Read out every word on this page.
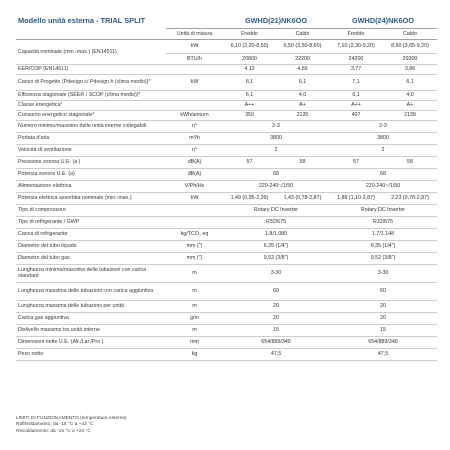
Modello unità esterna - TRIAL SPLIT		GWHD(21)NK6OO		GWHD(24)NK6OO	
	Unità di misura	Freddo	Caldo	Freddo	Caldo
Capacità nominale (min.-max.) (EN14511)	kW	6,10 (2,20-8,50)	6,50 (3,50-8,60)	7,10 (2,30-9,20)	8,60 (3,65-9,20)
	BTU/h	20800	22200	24200	29300
EER/COP (EN14511)		4,12	4,56	3,77	3,86
Carico di Progetto (Pdesign c/ Pdesign h (clima medio))*	kW	6,1	6,1	7,1	6,1
Efficienza stagionale (SEER / SCOP (clima medio))*		6,1	4,0	6,1	4,0
Classe energetica*		A++	A+	A++	A+
Consumo energetico stagionale*	kWh/annum	350	2135	407	2139
Numero minimo/massimo delle unità interne collegabili	n°	2-3		2-3	
Portata d'aria	m³/h	3800		3800	
Velocità di ventilazione	n°	2		2	
Pressione sonora U.E. (a )	dB(A)	57	58	57	58
Potenza sonora U.E. (a)	dB(A)	68		68	
Alimentazione elettrica	V/Ph/Hz	220-240~/1/50		220-240~/1/50	
Potenza elettrica assorbita nominale (min.-max.)	kW	1,49 (0,95-2,39)	1,43 (0,78-2,87)	1,88 (1,10-2,87)	2,23 (0,78-2,87)
Tipo di compressore		Rotary DC Inverter		Rotary DC Inverter	
Tipo di refrigerante / GWP		R32/675		R32/675	
Carica di refrigerante	kg/TCO₂ eq	1.8/1.080		1.7/1.148	
Diametro del tubo liquido	mm (")	6,35 (1/4")		6,35 (1/4")	
Diametro del tubo gas	mm (")	9,52 (3/8")		9,52 (3/8")	
Lunghezza minima/massima delle tubazioni con carica standard	m	3-30		3-30	
Lunghezza massima delle tubazioni con carica aggiuntiva	m	60		60	
Lunghezza massima delle tubazioni per unità	m	20		20	
Carica gas aggiuntiva	g/m	20		20	
Dislivello massimo tra unità interne	m	15		15	
Dimensioni nette U.E. (Alt./Lar./Pro.)	mm	654/889/340		654/889/340	
Peso netto	kg	47,5		47,5	
LIMITI DI FUNZIONAMENTO (temperatura esterna)
Raffreddamento: da -15 °C a +43 °C
Riscaldamento: da -15 °C a +24 °C
